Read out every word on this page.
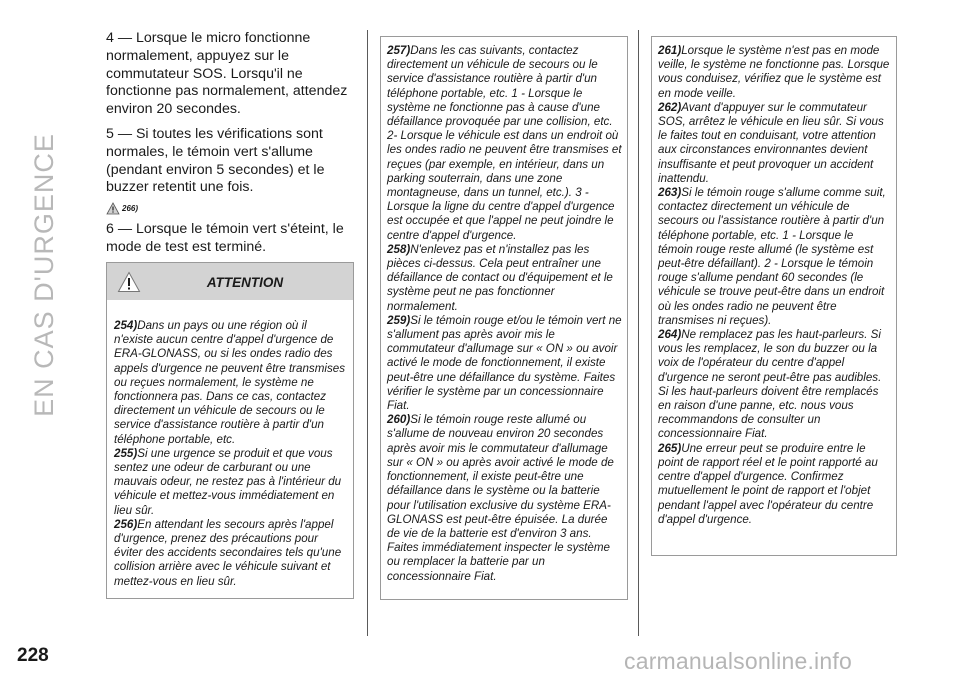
EN CAS D'URGENCE

4 — Lorsque le micro fonctionne normalement, appuyez sur le commutateur SOS. Lorsqu'il ne fonctionne pas normalement, attendez environ 20 secondes.

5 — Si toutes les vérifications sont normales, le témoin vert s'allume (pendant environ 5 secondes) et le buzzer retentit une fois.

266)

6 — Lorsque le témoin vert s'éteint, le mode de test est terminé.

ATTENTION

254)Dans un pays ou une région où il n'existe aucun centre d'appel d'urgence de ERA-GLONASS, ou si les ondes radio des appels d'urgence ne peuvent être transmises ou reçues normalement, le système ne fonctionnera pas. Dans ce cas, contactez directement un véhicule de secours ou le service d'assistance routière à partir d'un téléphone portable, etc.

255)Si une urgence se produit et que vous sentez une odeur de carburant ou une mauvais odeur, ne restez pas à l'intérieur du véhicule et mettez-vous immédiatement en lieu sûr.

256)En attendant les secours après l'appel d'urgence, prenez des précautions pour éviter des accidents secondaires tels qu'une collision arrière avec le véhicule suivant et mettez-vous en lieu sûr.

257)Dans les cas suivants, contactez directement un véhicule de secours ou le service d'assistance routière à partir d'un téléphone portable, etc. 1 - Lorsque le système ne fonctionne pas à cause d'une défaillance provoquée par une collision, etc. 2- Lorsque le véhicule est dans un endroit où les ondes radio ne peuvent être transmises et reçues (par exemple, en intérieur, dans un parking souterrain, dans une zone montagneuse, dans un tunnel, etc.). 3 - Lorsque la ligne du centre d'appel d'urgence est occupée et que l'appel ne peut joindre le centre d'appel d'urgence.

258)N'enlevez pas et n'installez pas les pièces ci-dessus. Cela peut entraîner une défaillance de contact ou d'équipement et le système peut ne pas fonctionner normalement.

259)Si le témoin rouge et/ou le témoin vert ne s'allument pas après avoir mis le commutateur d'allumage sur « ON » ou avoir activé le mode de fonctionnement, il existe peut-être une défaillance du système. Faites vérifier le système par un concessionnaire Fiat.

260)Si le témoin rouge reste allumé ou s'allume de nouveau environ 20 secondes après avoir mis le commutateur d'allumage sur « ON » ou après avoir activé le mode de fonctionnement, il existe peut-être une défaillance dans le système ou la batterie pour l'utilisation exclusive du système ERA-GLONASS est peut-être épuisée. La durée de vie de la batterie est d'environ 3 ans. Faites immédiatement inspecter le système ou remplacer la batterie par un concessionnaire Fiat.

261)Lorsque le système n'est pas en mode veille, le système ne fonctionne pas. Lorsque vous conduisez, vérifiez que le système est en mode veille.

262)Avant d'appuyer sur le commutateur SOS, arrêtez le véhicule en lieu sûr. Si vous le faites tout en conduisant, votre attention aux circonstances environnantes devient insuffisante et peut provoquer un accident inattendu.

263)Si le témoin rouge s'allume comme suit, contactez directement un véhicule de secours ou l'assistance routière à partir d'un téléphone portable, etc. 1 - Lorsque le témoin rouge reste allumé (le système est peut-être défaillant). 2 - Lorsque le témoin rouge s'allume pendant 60 secondes (le véhicule se trouve peut-être dans un endroit où les ondes radio ne peuvent être transmises ni reçues).

264)Ne remplacez pas les haut-parleurs. Si vous les remplacez, le son du buzzer ou la voix de l'opérateur du centre d'appel d'urgence ne seront peut-être pas audibles. Si les haut-parleurs doivent être remplacés en raison d'une panne, etc. nous vous recommandons de consulter un concessionnaire Fiat.

265)Une erreur peut se produire entre le point de rapport réel et le point rapporté au centre d'appel d'urgence. Confirmez mutuellement le point de rapport et l'objet pendant l'appel avec l'opérateur du centre d'appel d'urgence.

228	carmanualsonline.info
